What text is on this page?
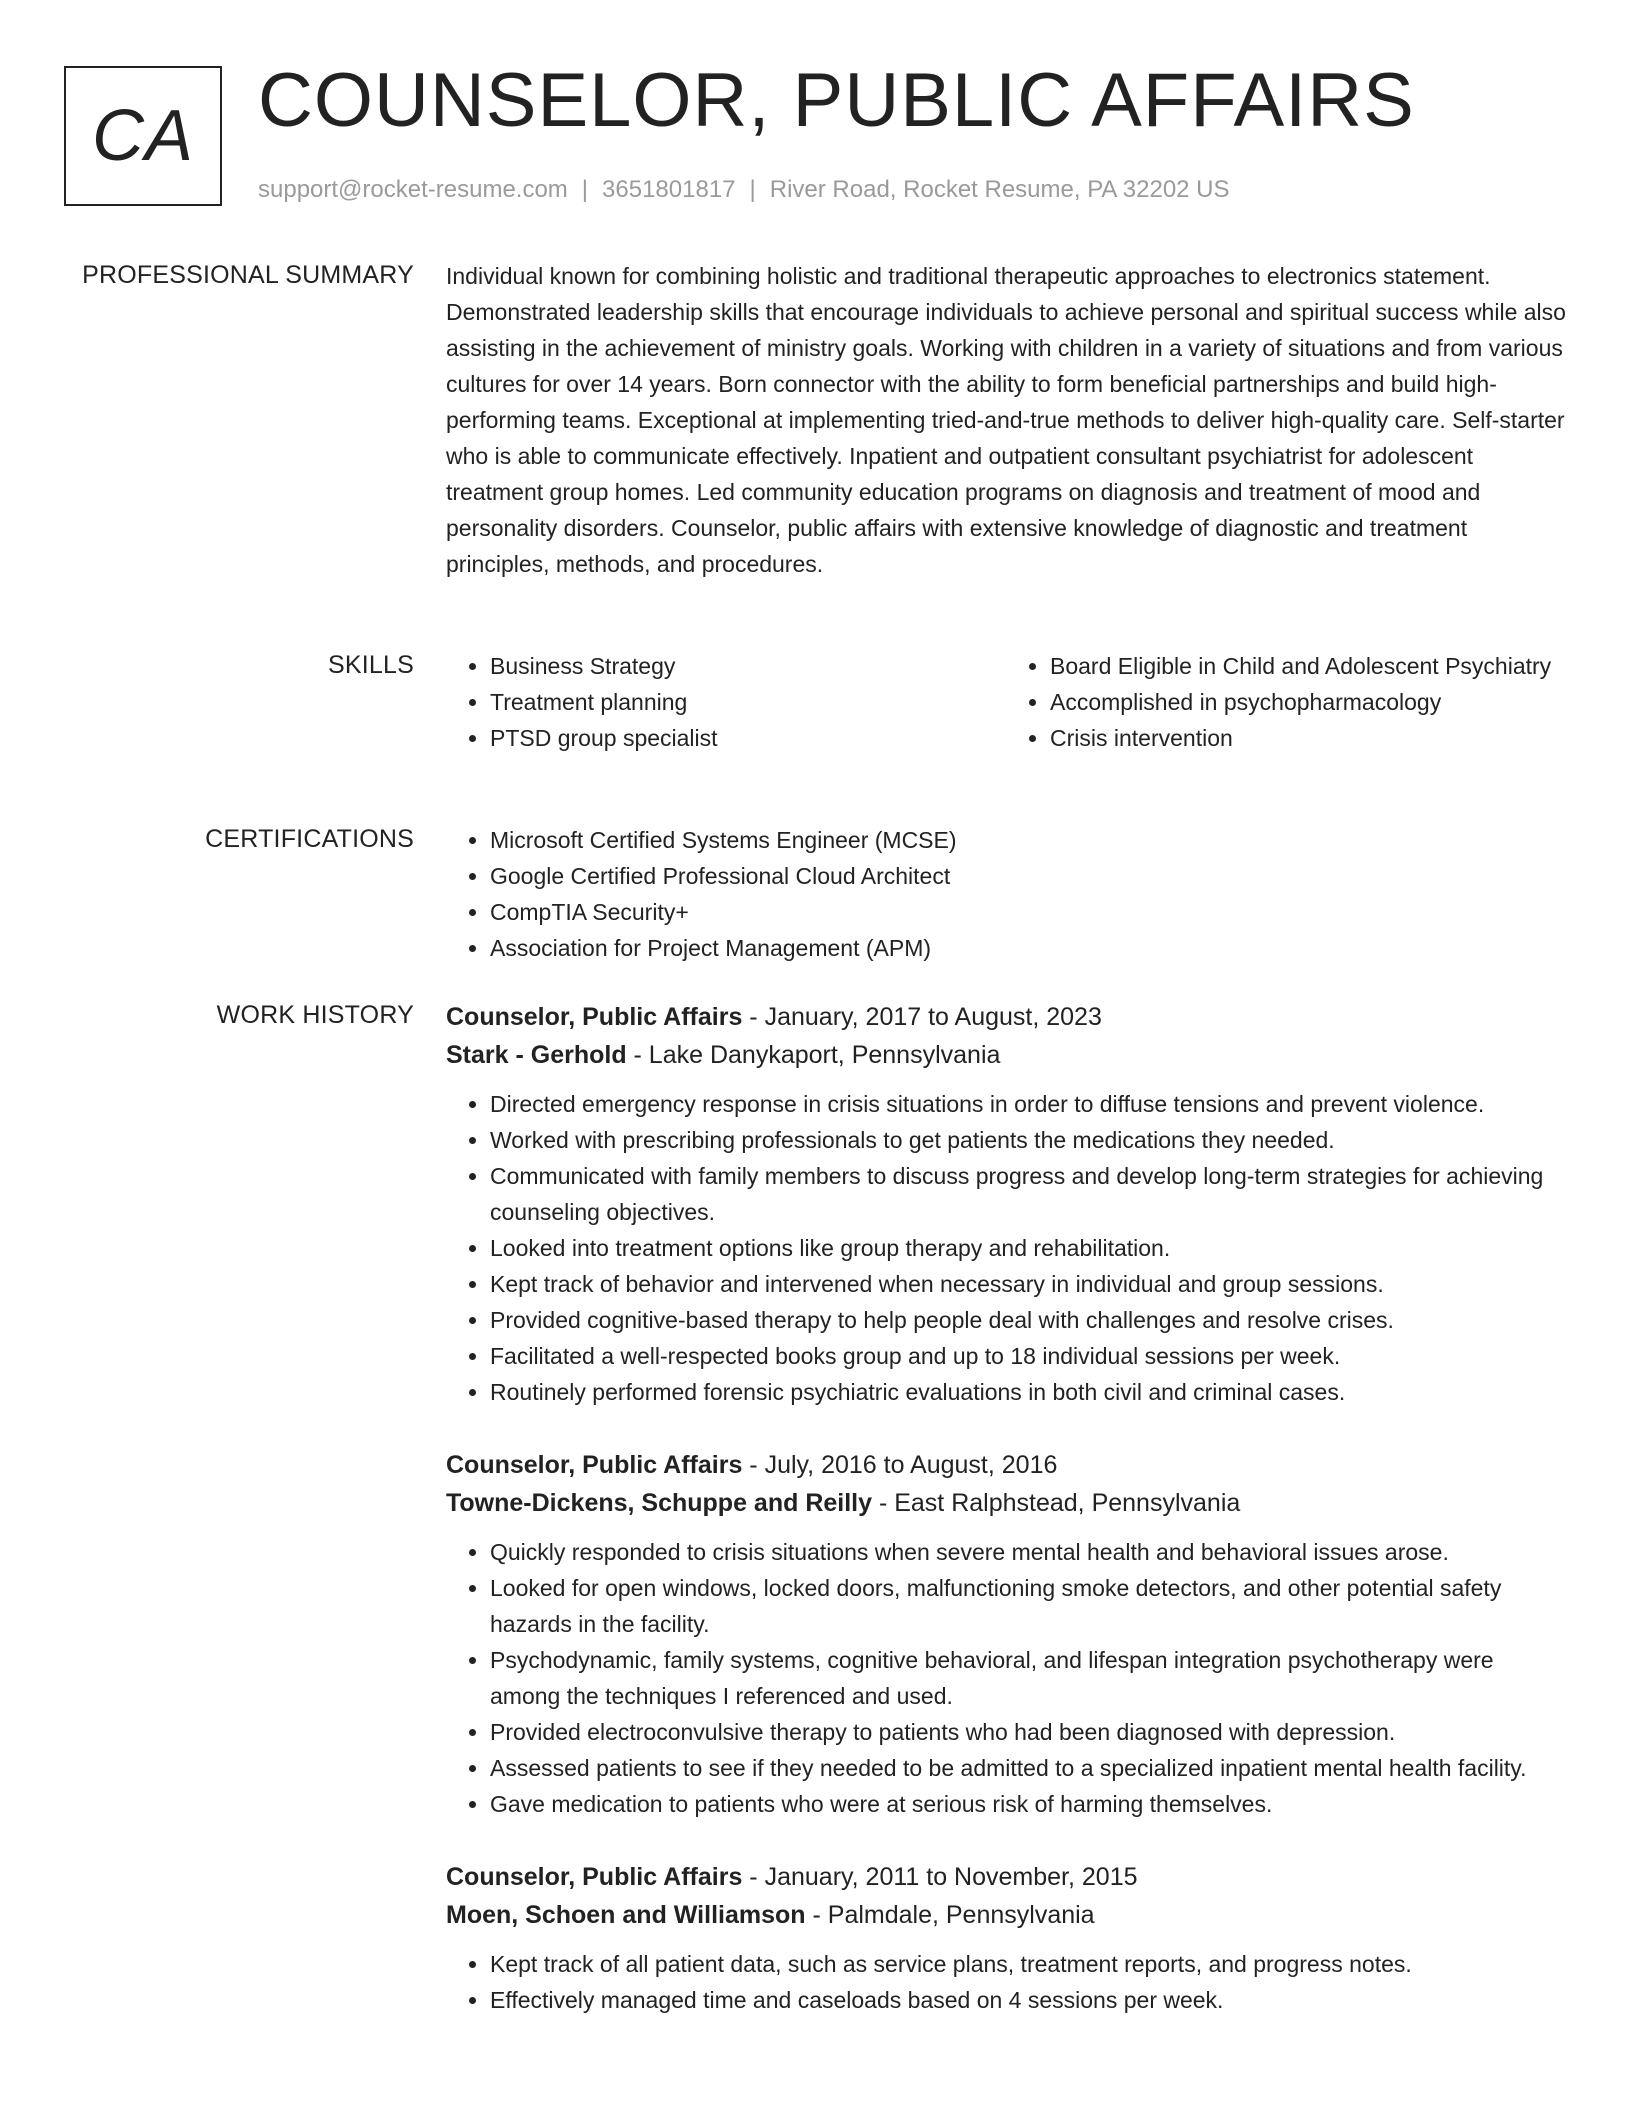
CA COUNSELOR, PUBLIC AFFAIRS
support@rocket-resume.com | 3651801817 | River Road, Rocket Resume, PA 32202 US
PROFESSIONAL SUMMARY Individual known for combining holistic and traditional therapeutic approaches to electronics statement. Demonstrated leadership skills that encourage individuals to achieve personal and spiritual success while also assisting in the achievement of ministry goals. Working with children in a variety of situations and from various cultures for over 14 years. Born connector with the ability to form beneficial partnerships and build high-performing teams. Exceptional at implementing tried-and-true methods to deliver high-quality care. Self-starter who is able to communicate effectively. Inpatient and outpatient consultant psychiatrist for adolescent treatment group homes. Led community education programs on diagnosis and treatment of mood and personality disorders. Counselor, public affairs with extensive knowledge of diagnostic and treatment principles, methods, and procedures.

SKILLS	• Business Strategy
• Treatment planning
• PTSD group specialist
• Board Eligible in Child and Adolescent Psychiatry
• Accomplished in psychopharmacology
• Crisis intervention
CERTIFICATIONS	• Microsoft Certified Systems Engineer (MCSE)
• Google Certified Professional Cloud Architect
• CompTIA Security+
• Association for Project Management (APM)
WORK HISTORY Counselor, Public Affairs - January, 2017 to August, 2023
Stark - Gerhold - Lake Danykaport, Pennsylvania
• Directed emergency response in crisis situations in order to diffuse tensions and prevent violence.
• Worked with prescribing professionals to get patients the medications they needed.
• Communicated with family members to discuss progress and develop long-term strategies for achieving counseling objectives.
• Looked into treatment options like group therapy and rehabilitation.
• Kept track of behavior and intervened when necessary in individual and group sessions.
• Provided cognitive-based therapy to help people deal with challenges and resolve crises.
• Facilitated a well-respected books group and up to 18 individual sessions per week.
• Routinely performed forensic psychiatric evaluations in both civil and criminal cases.
Counselor, Public Affairs - July, 2016 to August, 2016
Towne-Dickens, Schuppe and Reilly - East Ralphstead, Pennsylvania
• Quickly responded to crisis situations when severe mental health and behavioral issues arose.
• Looked for open windows, locked doors, malfunctioning smoke detectors, and other potential safety hazards in the facility.
• Psychodynamic, family systems, cognitive behavioral, and lifespan integration psychotherapy were among the techniques I referenced and used.
• Provided electroconvulsive therapy to patients who had been diagnosed with depression.
• Assessed patients to see if they needed to be admitted to a specialized inpatient mental health facility.
• Gave medication to patients who were at serious risk of harming themselves.
Counselor, Public Affairs - January, 2011 to November, 2015
Moen, Schoen and Williamson - Palmdale, Pennsylvania
• Kept track of all patient data, such as service plans, treatment reports, and progress notes.
• Effectively managed time and caseloads based on 4 sessions per week.
